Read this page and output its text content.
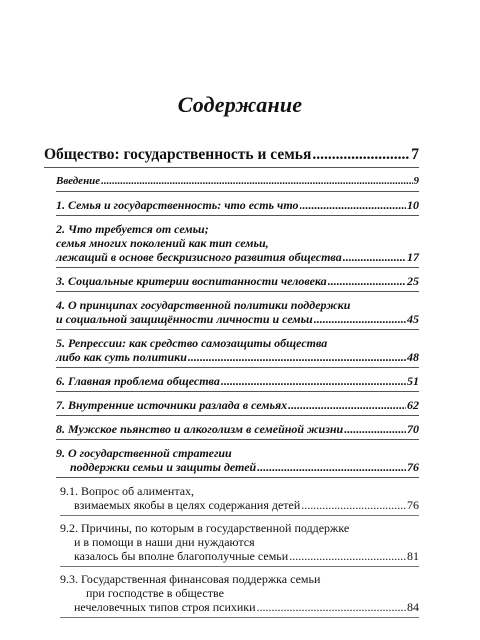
Содержание
Общество: государственность и семья .....	7
Введение .....	9
1. Семья и государственность: что есть что .....	10
2. Что требуется от семьи;
семья многих поколений как тип семьи,
лежащий в основе бескризисного развития общества .....	17
3. Социальные критерии воспитанности человека .....	25
4. О принципах государственной политики поддержки
и социальной защищённости личности и семьи .....	45
5. Репрессии: как средство самозащиты общества
либо как суть политики .....	48
6. Главная проблема общества .....	51
7. Внутренние источники разлада в семьях .....	62
8. Мужское пьянство и алкоголизм в семейной жизни .....	70
9. О государственной стратегии
поддержки семьи и защиты детей .....	76
9.1. Вопрос об алиментах,
взимаемых якобы в целях содержания детей .....	76
9.2. Причины, по которым в государственной поддержке
и в помощи в наши дни нуждаются
казалось бы вполне благополучные семьи .....	81
9.3. Государственная финансовая поддержка семьи
при господстве в обществе
нечеловечных типов строя психики .....	84
